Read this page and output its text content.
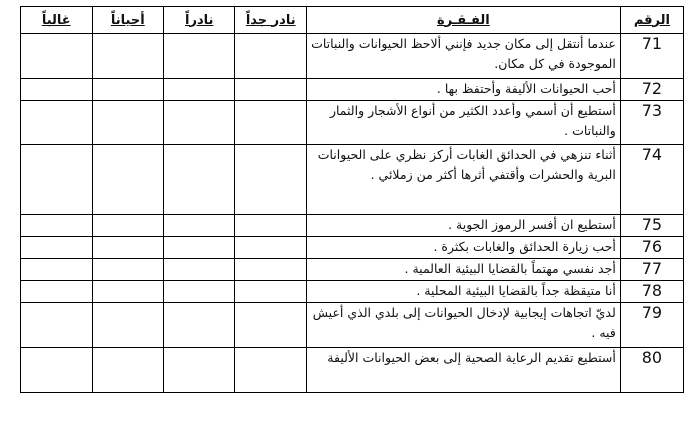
الرقم	الفـقـرة	نادر جداً	نادراً	أحياناً	غالباً
71	عندما أنتقل إلى مكان جديد فإنني ألاحظ الحيوانات والنباتات الموجودة في كل مكان.				
72	أحب الحيوانات الأليفة وأحتفظ بها .				
73	أستطيع أن أسمي وأعدد الكثير من أنواع الأشجار والثمار والنباتات .				
74	أثناء تنزهي في الحدائق الغابات أركز نظري على الحيوانات البرية والحشرات وأقتفي أثرها أكثر من زملائي .				
75	أستطيع ان أفسر الرموز الجوية .				
76	أحب زيارة الحدائق والغابات بكثرة .				
77	أجد نفسي مهتماً بالقضايا البيئية العالمية .				
78	أنا متيقظة جداً بالقضايا البيئية المحلية .				
79	لديّ اتجاهات إيجابية لإدخال الحيوانات إلى بلدي الذي أعيش فيه .				
80	أستطيع تقديم الرعاية الصحية إلى بعض الحيوانات الأليفة				
